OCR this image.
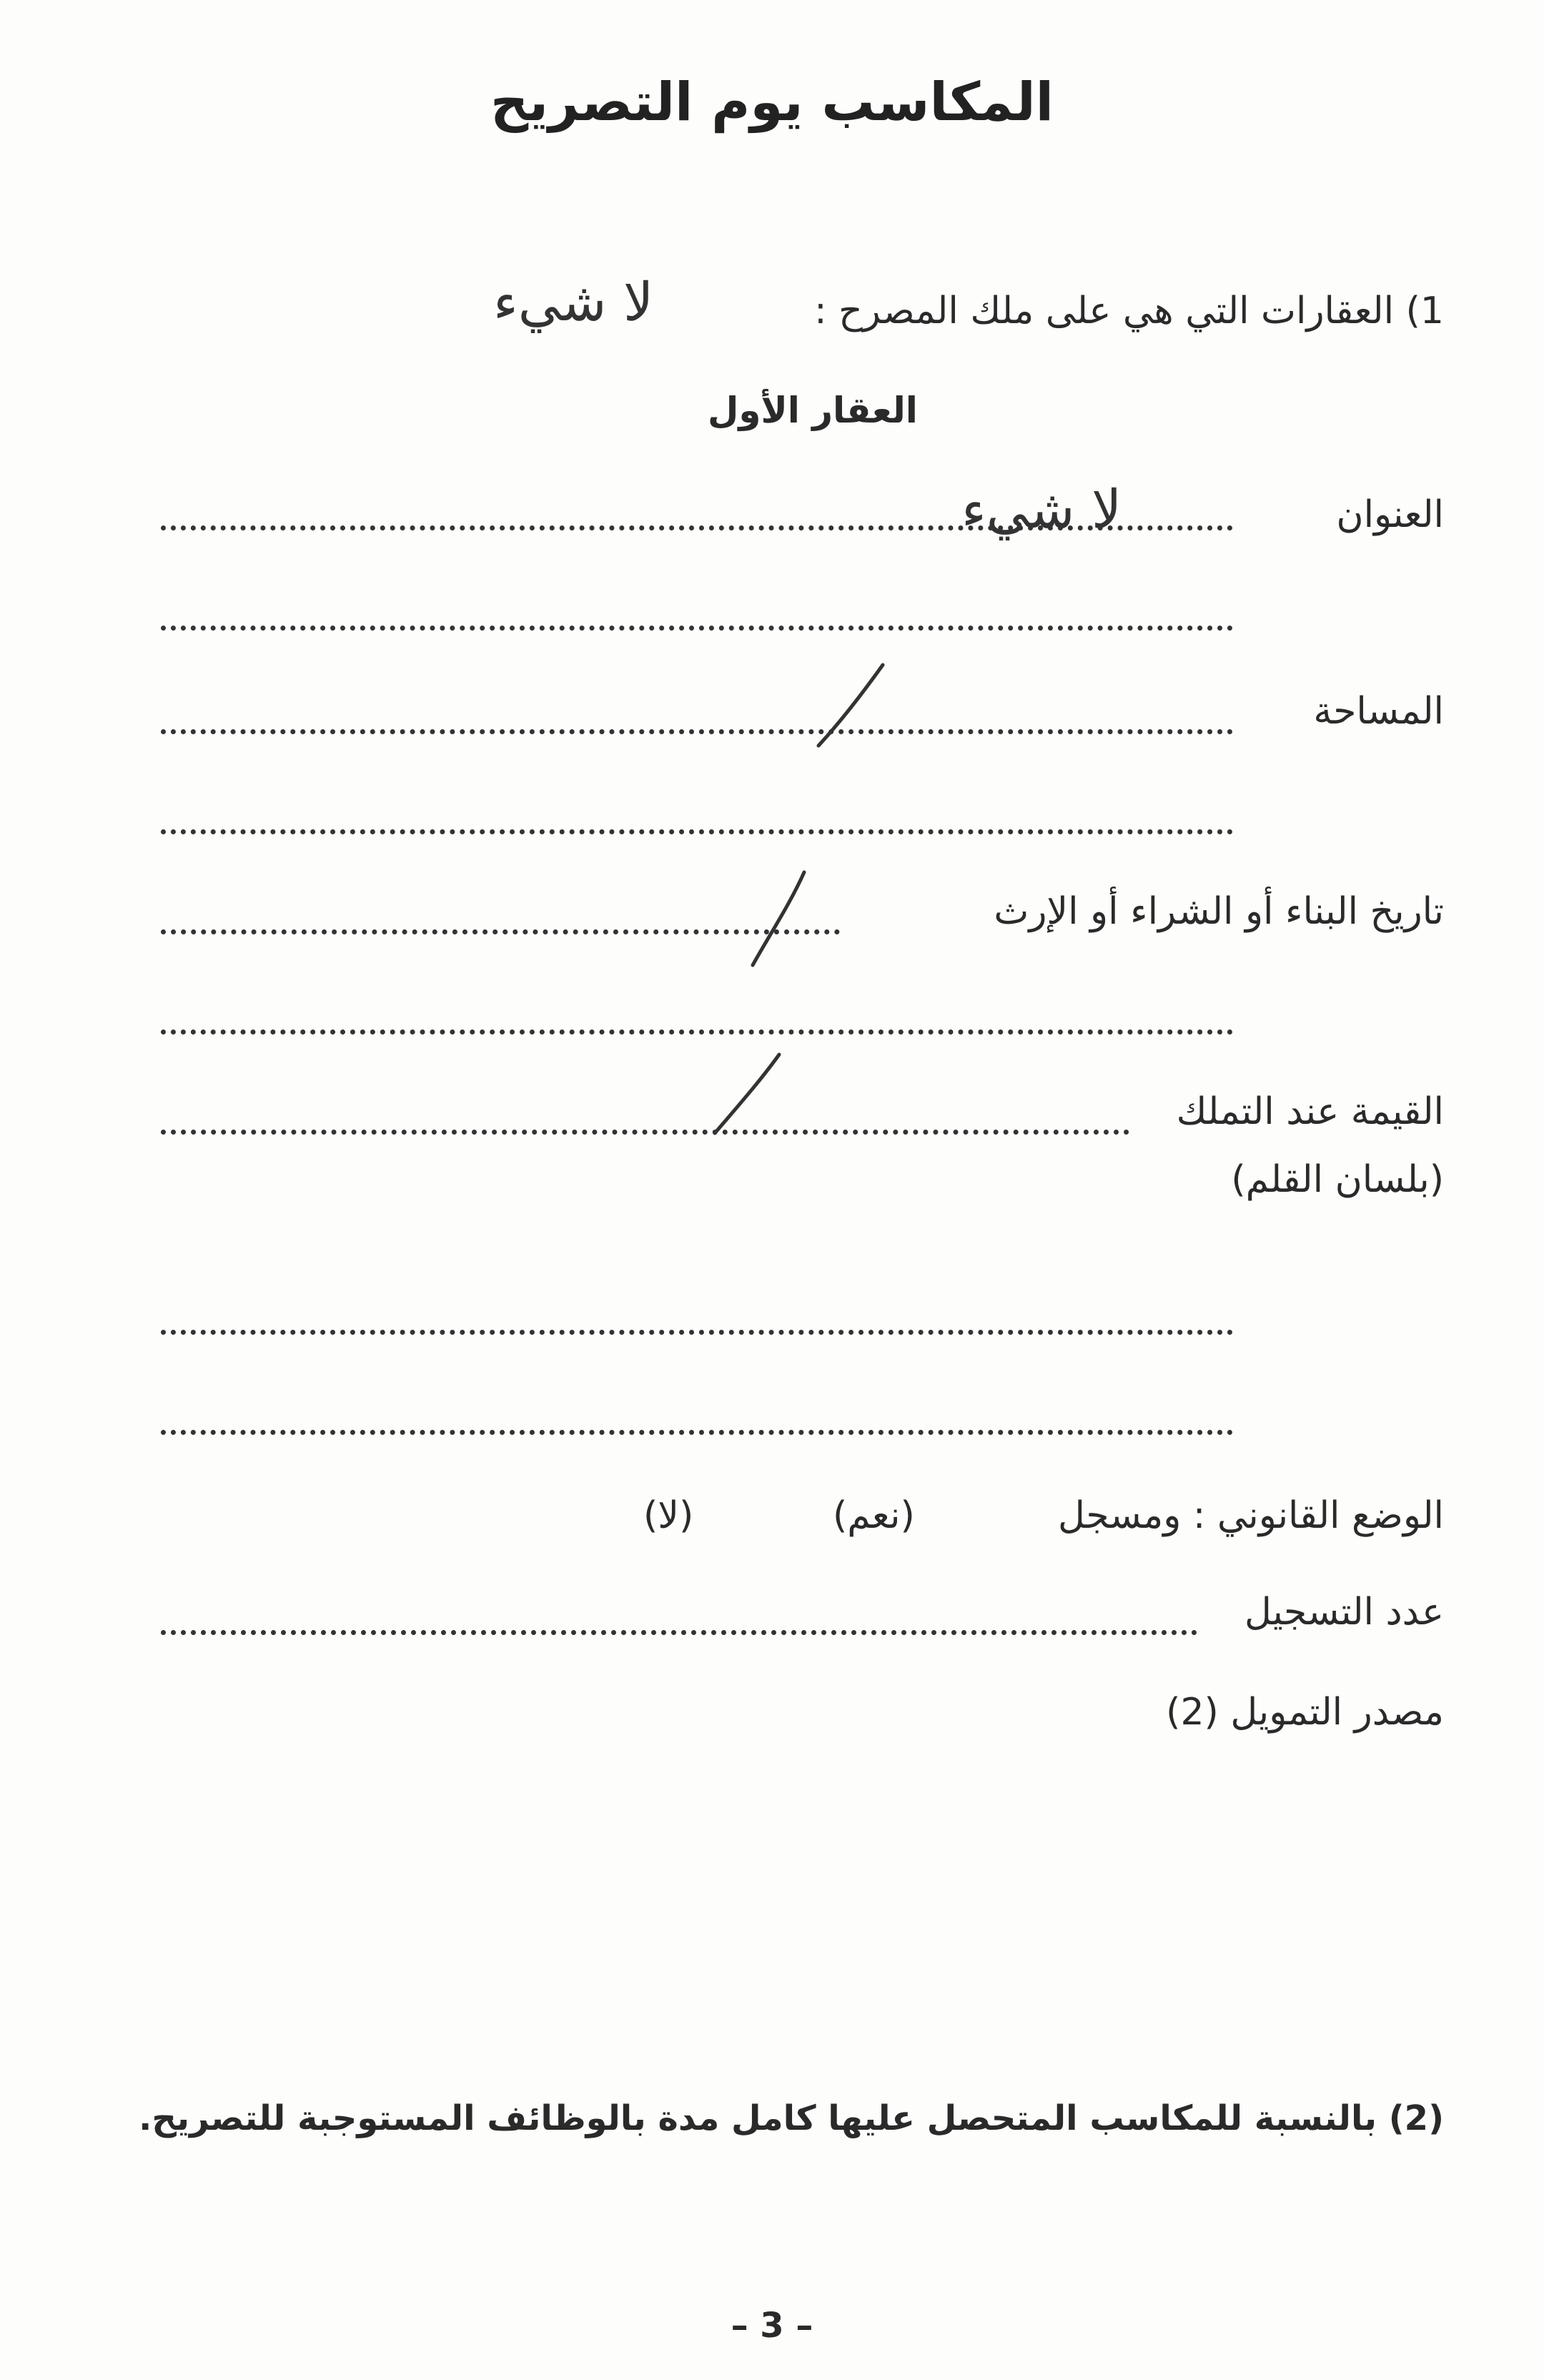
المكاسب يوم التصريح
1) العقارات التي هي على ملك المصرح :
لا شيء
العقار الأول
العنوان
لا شيء
المساحة
تاريخ البناء أو الشراء أو الإرث
القيمة عند التملك
(بلسان القلم)
الوضع القانوني : ومسجل
(نعم)
(لا)
عدد التسجيل
مصدر التمويل (2)
(2) بالنسبة للمكاسب المتحصل عليها كامل مدة بالوظائف المستوجبة للتصريح.
– 3 –
